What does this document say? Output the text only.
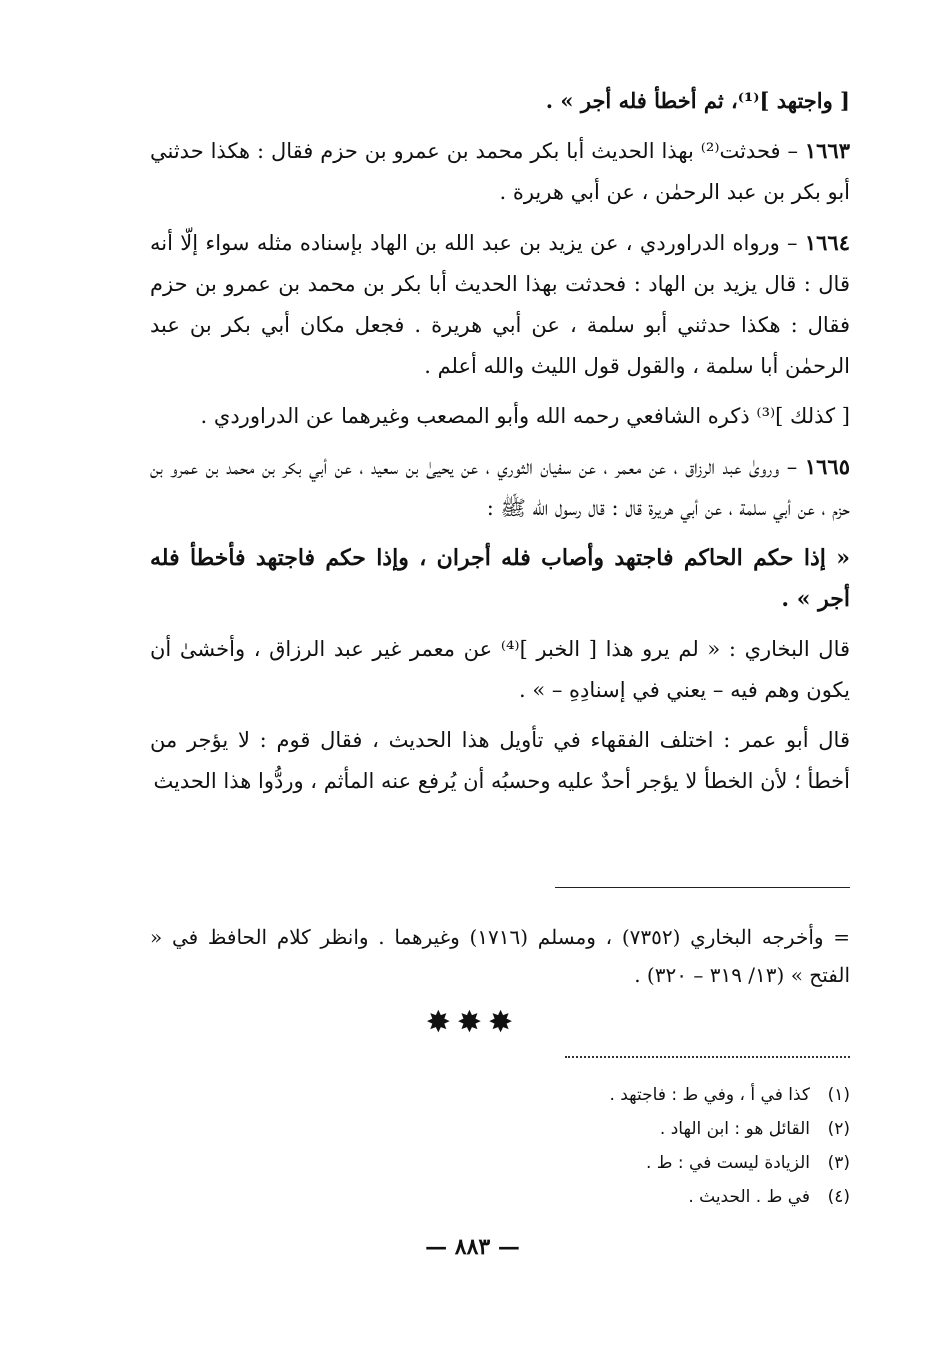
[ واجتهد ]⁽¹⁾، ثم أخطأ فله أجر » .

١٦٦٣ – فحدثت⁽²⁾ بهذا الحديث أبا بكر محمد بن عمرو بن حزم فقال : هكذا حدثني أبو بكر بن عبد الرحمٰن ، عن أبي هريرة .

١٦٦٤ – ورواه الدراوردي ، عن يزيد بن عبد الله بن الهاد بإسناده مثله سواء إلّا أنه قال : قال يزيد بن الهاد : فحدثت بهذا الحديث أبا بكر بن محمد بن عمرو بن حزم فقال : هكذا حدثني أبو سلمة ، عن أبي هريرة . فجعل مكان أبي بكر بن عبد الرحمٰن أبا سلمة ، والقول قول الليث والله أعلم .

[ كذلك ]⁽³⁾ ذكره الشافعي رحمه الله وأبو المصعب وغيرهما عن الدراوردي .

١٦٦٥ – وروىٰ عبد الرزاق ، عن معمر ، عن سفيان الثوري ، عن يحيىٰ بن سعيد ، عن أبي بكر بن محمد بن عمرو بن حزم ، عن أبي سلمة ، عن أبي هريرة قال : قال رسول الله ﷺ :

« إذا حكم الحاكم فاجتهد وأصاب فله أجران ، وإذا حكم فاجتهد فأخطأ فله أجر » .

قال البخاري : « لم يرو هذا [ الخبر ]⁽⁴⁾ عن معمر غير عبد الرزاق ، وأخشىٰ أن يكون وهم فيه – يعني في إسنادِهِ – » .

قال أبو عمر : اختلف الفقهاء في تأويل هذا الحديث ، فقال قوم : لا يؤجر من أخطأ ؛ لأن الخطأ لا يؤجر أحدٌ عليه وحسبُه أن يُرفع عنه المأثم ، وردُّوا هذا الحديث

= وأخرجه البخاري (٧٣٥٢) ، ومسلم (١٧١٦) وغيرهما . وانظر كلام الحافظ في « الفتح » (١٣/ ٣١٩ – ٣٢٠) .
✸✸✸
(١)كذا في أ ، وفي ط : فاجتهد .
(٢)القائل هو : ابن الهاد .
(٣)الزيادة ليست في : ط .
(٤)في ط . الحديث .
— ٨٨٣ —
